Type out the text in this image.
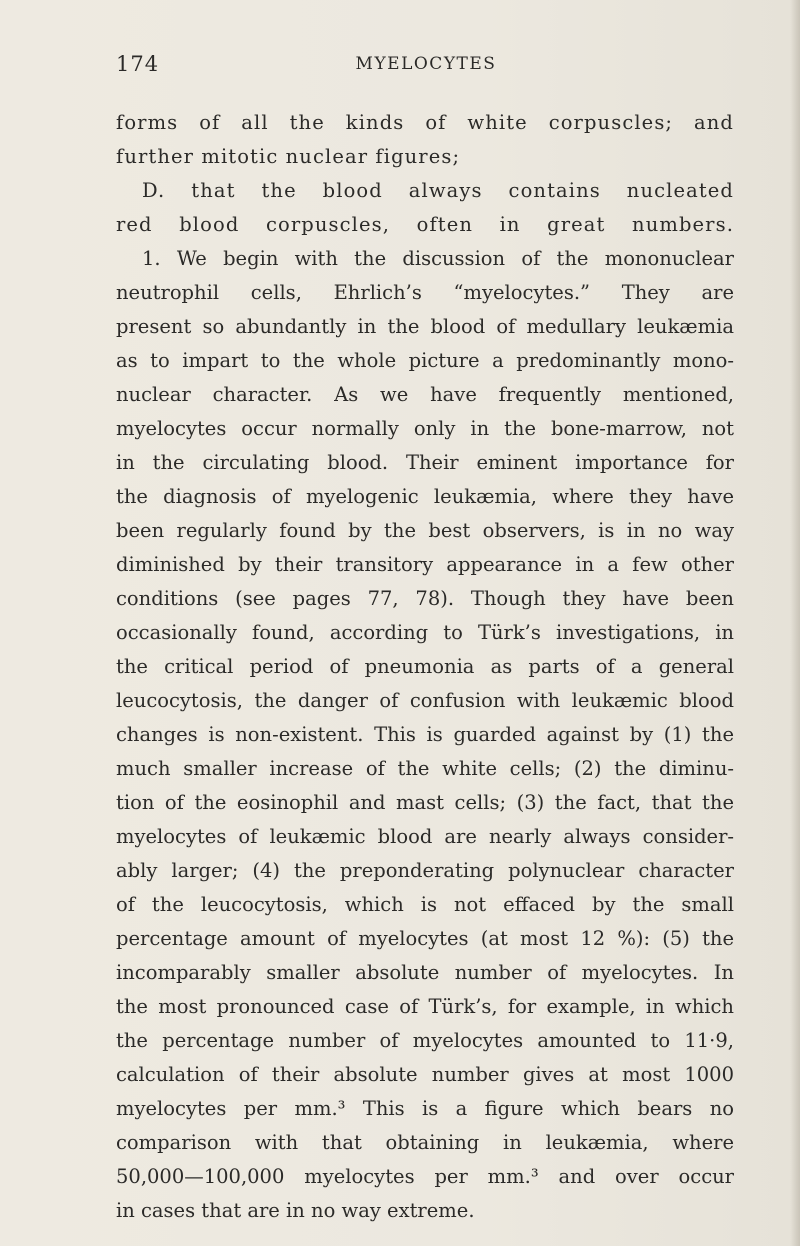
174	MYELOCYTES
forms of all the kinds of white corpuscles; and
further mitotic nuclear figures;
D. that the blood always contains nucleated
red blood corpuscles, often in great numbers.
1. We begin with the discussion of the mononuclear
neutrophil cells, Ehrlich’s “myelocytes.” They are
present so abundantly in the blood of medullary leukæmia
as to impart to the whole picture a predominantly mono-
nuclear character. As we have frequently mentioned,
myelocytes occur normally only in the bone-marrow, not
in the circulating blood. Their eminent importance for
the diagnosis of myelogenic leukæmia, where they have
been regularly found by the best observers, is in no way
diminished by their transitory appearance in a few other
conditions (see pages 77, 78). Though they have been
occasionally found, according to Türk’s investigations, in
the critical period of pneumonia as parts of a general
leucocytosis, the danger of confusion with leukæmic blood
changes is non-existent. This is guarded against by (1) the
much smaller increase of the white cells; (2) the diminu-
tion of the eosinophil and mast cells; (3) the fact, that the
myelocytes of leukæmic blood are nearly always consider-
ably larger; (4) the preponderating polynuclear character
of the leucocytosis, which is not effaced by the small
percentage amount of myelocytes (at most 12 %): (5) the
incomparably smaller absolute number of myelocytes. In
the most pronounced case of Türk’s, for example, in which
the percentage number of myelocytes amounted to 11·9,
calculation of their absolute number gives at most 1000
myelocytes per mm.³ This is a figure which bears no
comparison with that obtaining in leukæmia, where
50,000—100,000 myelocytes per mm.³ and over occur
in cases that are in no way extreme.
